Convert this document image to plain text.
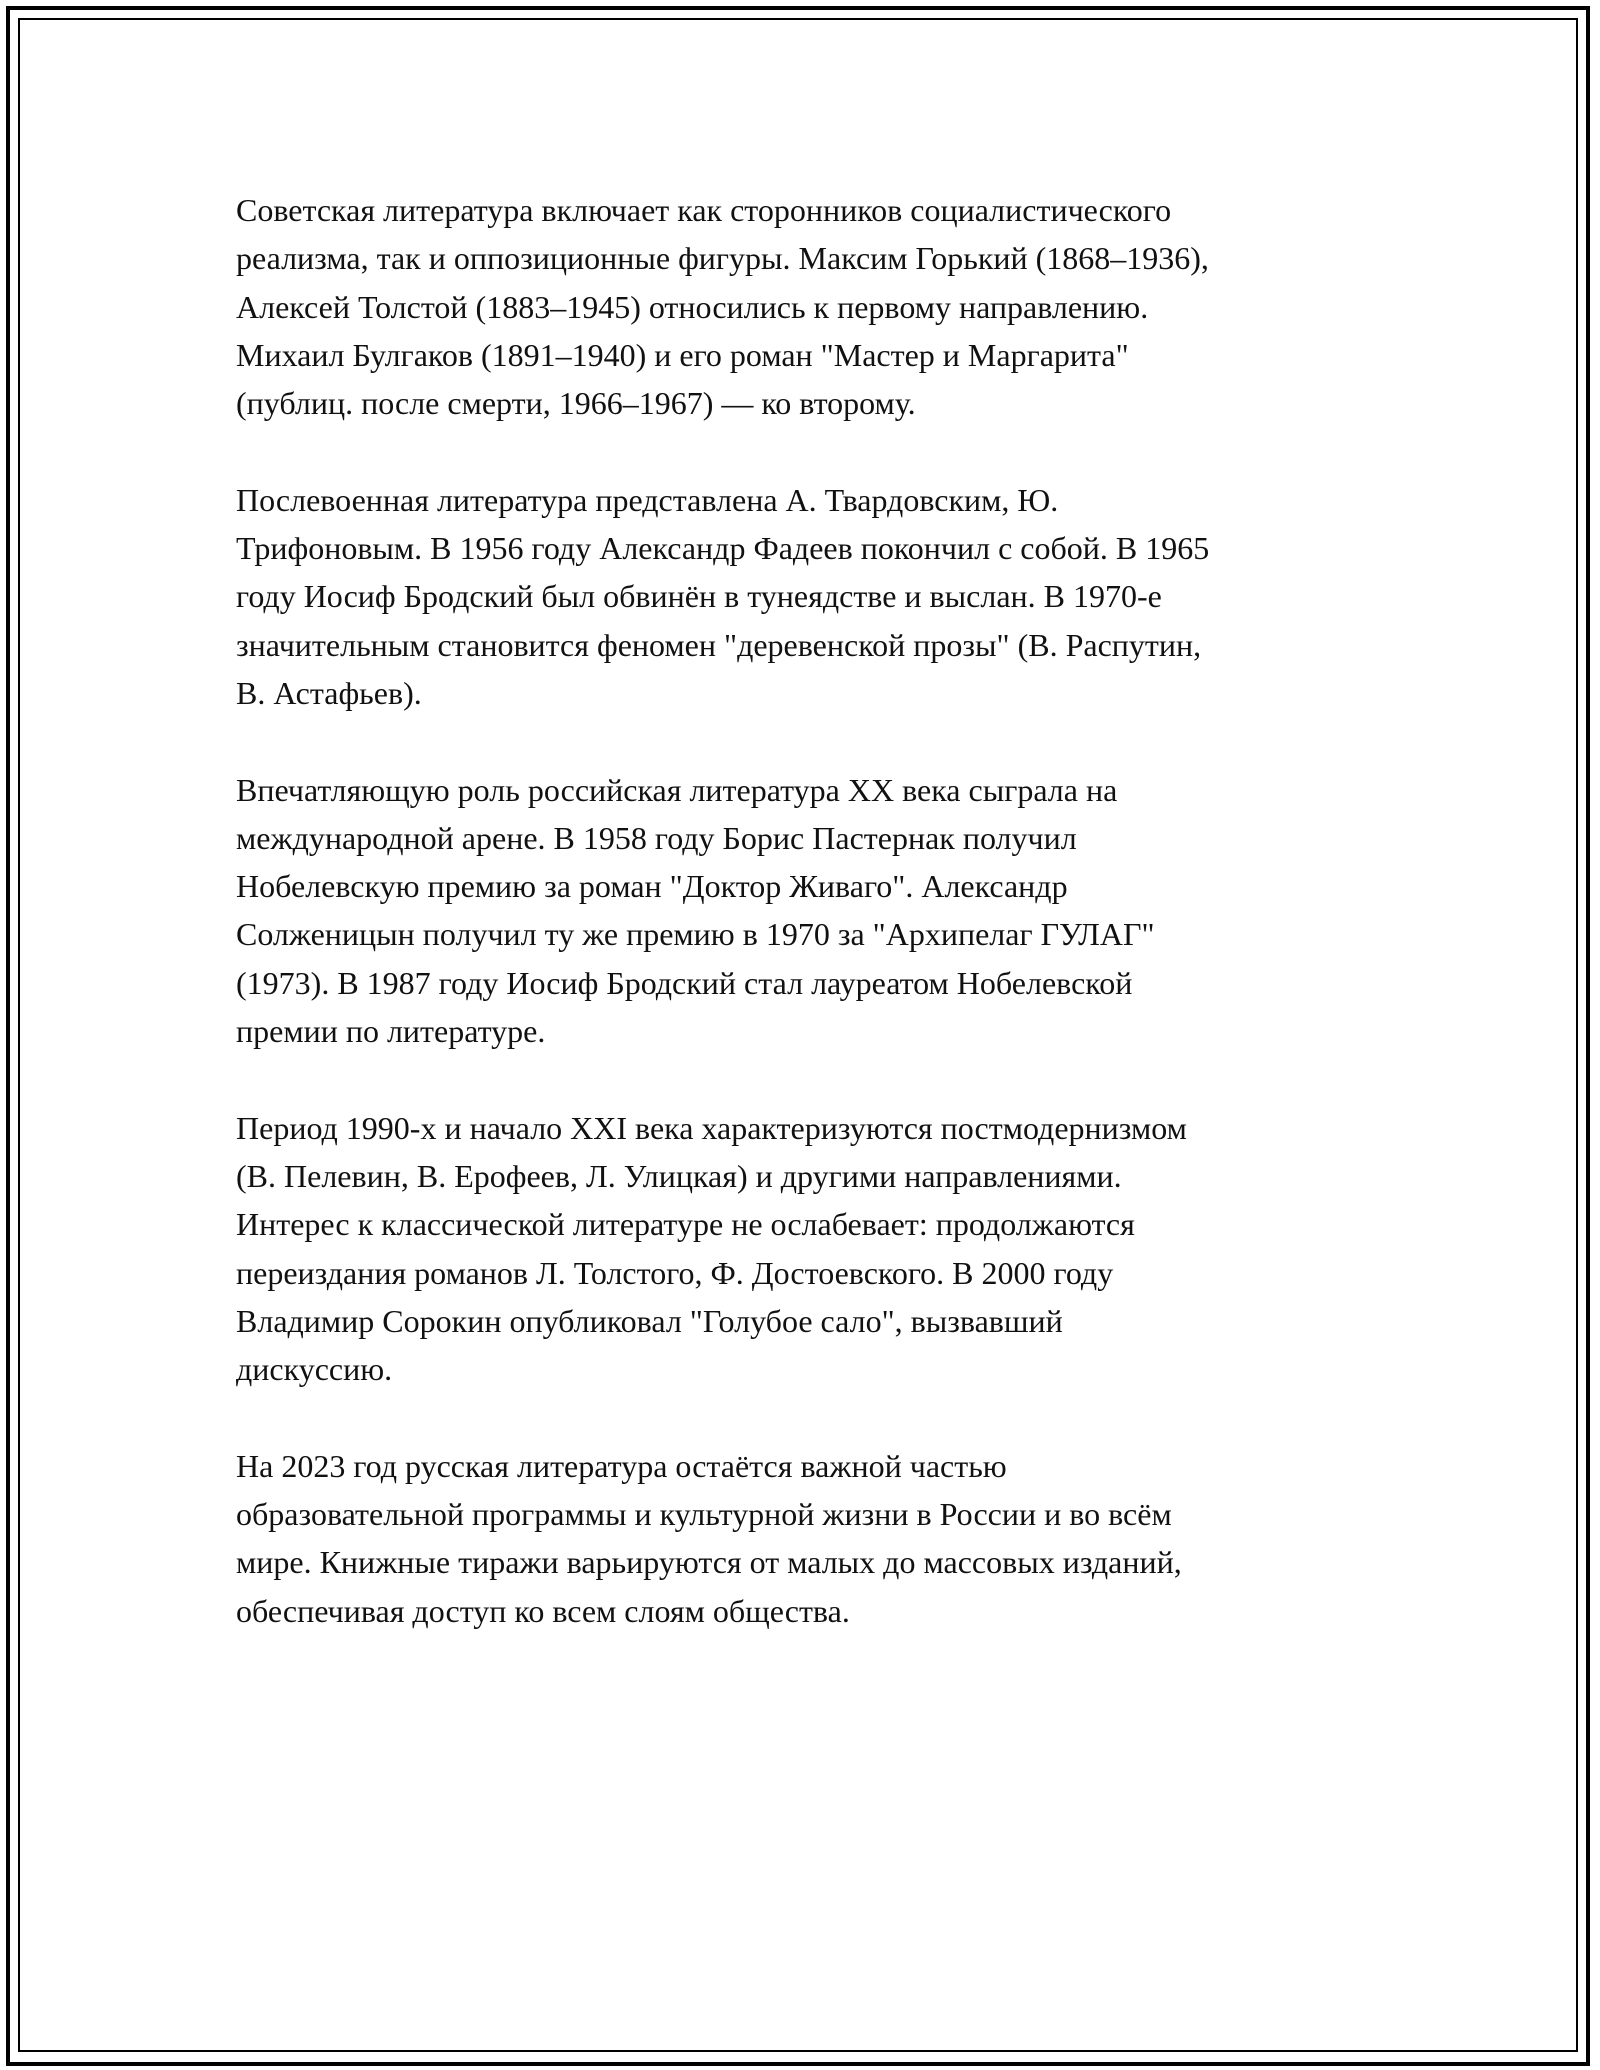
Советская литература включает как сторонников социалистического
реализма, так и оппозиционные фигуры. Максим Горький (1868–1936),
Алексей Толстой (1883–1945) относились к первому направлению.
Михаил Булгаков (1891–1940) и его роман "Мастер и Маргарита"
(публиц. после смерти, 1966–1967) — ко второму.

Послевоенная литература представлена А. Твардовским, Ю.
Трифоновым. В 1956 году Александр Фадеев покончил с собой. В 1965
году Иосиф Бродский был обвинён в тунеядстве и выслан. В 1970-е
значительным становится феномен "деревенской прозы" (В. Распутин,
В. Астафьев).

Впечатляющую роль российская литература XX века сыграла на
международной арене. В 1958 году Борис Пастернак получил
Нобелевскую премию за роман "Доктор Живаго". Александр
Солженицын получил ту же премию в 1970 за "Архипелаг ГУЛАГ"
(1973). В 1987 году Иосиф Бродский стал лауреатом Нобелевской
премии по литературе.

Период 1990-х и начало XXI века характеризуются постмодернизмом
(В. Пелевин, В. Ерофеев, Л. Улицкая) и другими направлениями.
Интерес к классической литературе не ослабевает: продолжаются
переиздания романов Л. Толстого, Ф. Достоевского. В 2000 году
Владимир Сорокин опубликовал "Голубое сало", вызвавший
дискуссию.

На 2023 год русская литература остаётся важной частью
образовательной программы и культурной жизни в России и во всём
мире. Книжные тиражи варьируются от малых до массовых изданий,
обеспечивая доступ ко всем слоям общества.
